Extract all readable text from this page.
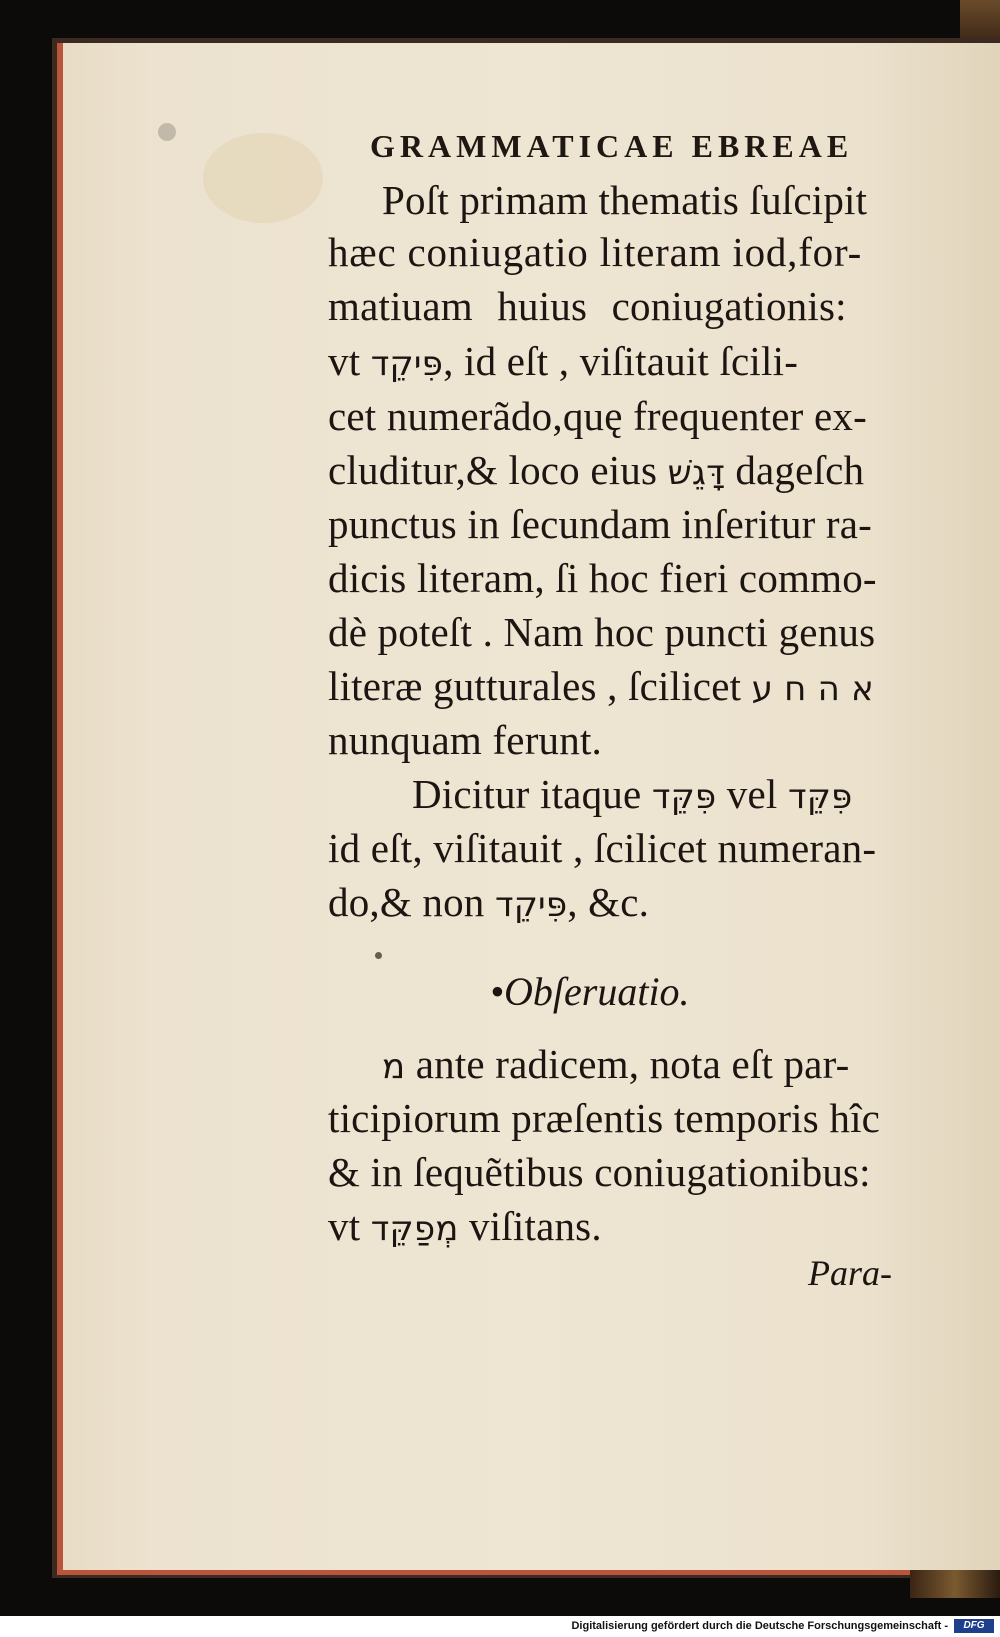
GRAMMATICAE EBREAE
Poſt primam thematis ſuſcipit
hæc coniugatio literam iod,for-
matiuam huius coniugationis:
vt פִּיקֵד, id eſt , viſitauit ſcili-
cet numerãdo,quę frequenter ex-
cluditur,& loco eius דָּגֵשׁ dageſch
punctus in ſecundam inſeritur ra-
dicis literam, ſi hoc fieri commo-
dè poteſt . Nam hoc puncti genus
literæ gutturales , ſcilicet א ה ח ע
nunquam ferunt.
Dicitur itaque פִּקֵּד vel פִּקֵּד
id eſt, viſitauit , ſcilicet numeran-
do,& non פִּיקֵד, &c.
•Obſeruatio.
מ ante radicem, nota eſt par-
ticipiorum præſentis temporis hîc
& in ſequẽtibus coniugationibus:
vt מְפַקֵּד viſitans.
Para-
Digitalisierung gefördert durch die Deutsche Forschungsgemeinschaft -	DFG
